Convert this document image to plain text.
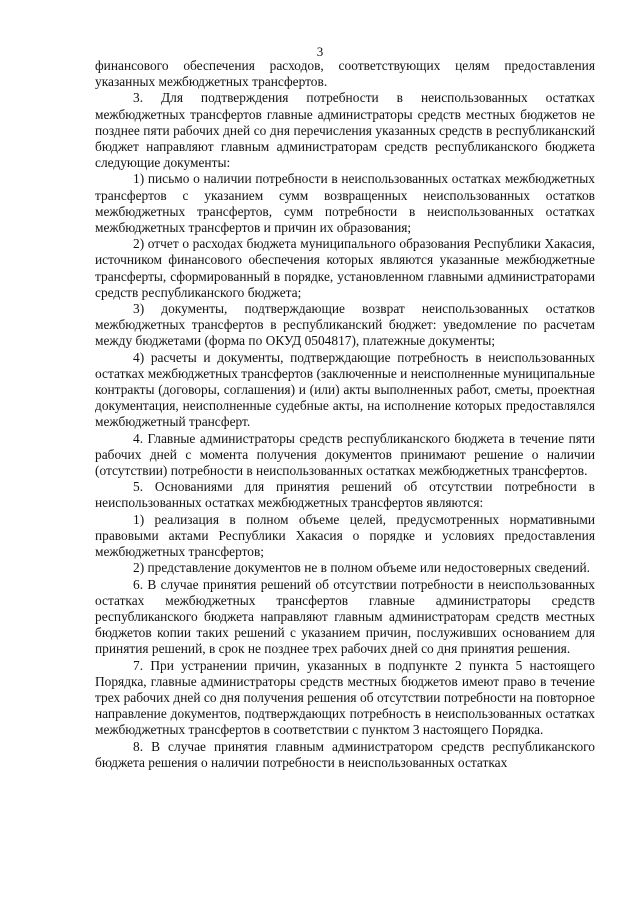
3

финансового обеспечения расходов, соответствующих целям предоставления указанных межбюджетных трансфертов.

3. Для подтверждения потребности в неиспользованных остатках межбюджетных трансфертов главные администраторы средств местных бюджетов не позднее пяти рабочих дней со дня перечисления указанных средств в республиканский бюджет направляют главным администраторам средств республиканского бюджета следующие документы:

1) письмо о наличии потребности в неиспользованных остатках межбюджетных трансфертов с указанием сумм возвращенных неиспользованных остатков межбюджетных трансфертов, сумм потребности в неиспользованных остатках межбюджетных трансфертов и причин их образования;

2) отчет о расходах бюджета муниципального образования Республики Хакасия, источником финансового обеспечения которых являются указанные межбюджетные трансферты, сформированный в порядке, установленном главными администраторами средств республиканского бюджета;

3) документы, подтверждающие возврат неиспользованных остатков межбюджетных трансфертов в республиканский бюджет: уведомление по расчетам между бюджетами (форма по ОКУД 0504817), платежные документы;

4) расчеты и документы, подтверждающие потребность в неиспользованных остатках межбюджетных трансфертов (заключенные и неисполненные муниципальные контракты (договоры, соглашения) и (или) акты выполненных работ, сметы, проектная документация, неисполненные судебные акты, на исполнение которых предоставлялся межбюджетный трансферт.

4. Главные администраторы средств республиканского бюджета в течение пяти рабочих дней с момента получения документов принимают решение о наличии (отсутствии) потребности в неиспользованных остатках межбюджетных трансфертов.

5. Основаниями для принятия решений об отсутствии потребности в неиспользованных остатках межбюджетных трансфертов являются:

1) реализация в полном объеме целей, предусмотренных нормативными правовыми актами Республики Хакасия о порядке и условиях предоставления межбюджетных трансфертов;

2) представление документов не в полном объеме или недостоверных сведений.

6. В случае принятия решений об отсутствии потребности в неиспользованных остатках межбюджетных трансфертов главные администраторы средств республиканского бюджета направляют главным администраторам средств местных бюджетов копии таких решений с указанием причин, послуживших основанием для принятия решений, в срок не позднее трех рабочих дней со дня принятия решения.

7. При устранении причин, указанных в подпункте 2 пункта 5 настоящего Порядка, главные администраторы средств местных бюджетов имеют право в течение трех рабочих дней со дня получения решения об отсутствии потребности на повторное направление документов, подтверждающих потребность в неиспользованных остатках межбюджетных трансфертов в соответствии с пунктом 3 настоящего Порядка.

8. В случае принятия главным администратором средств республиканского бюджета решения о наличии потребности в неиспользованных остатках
